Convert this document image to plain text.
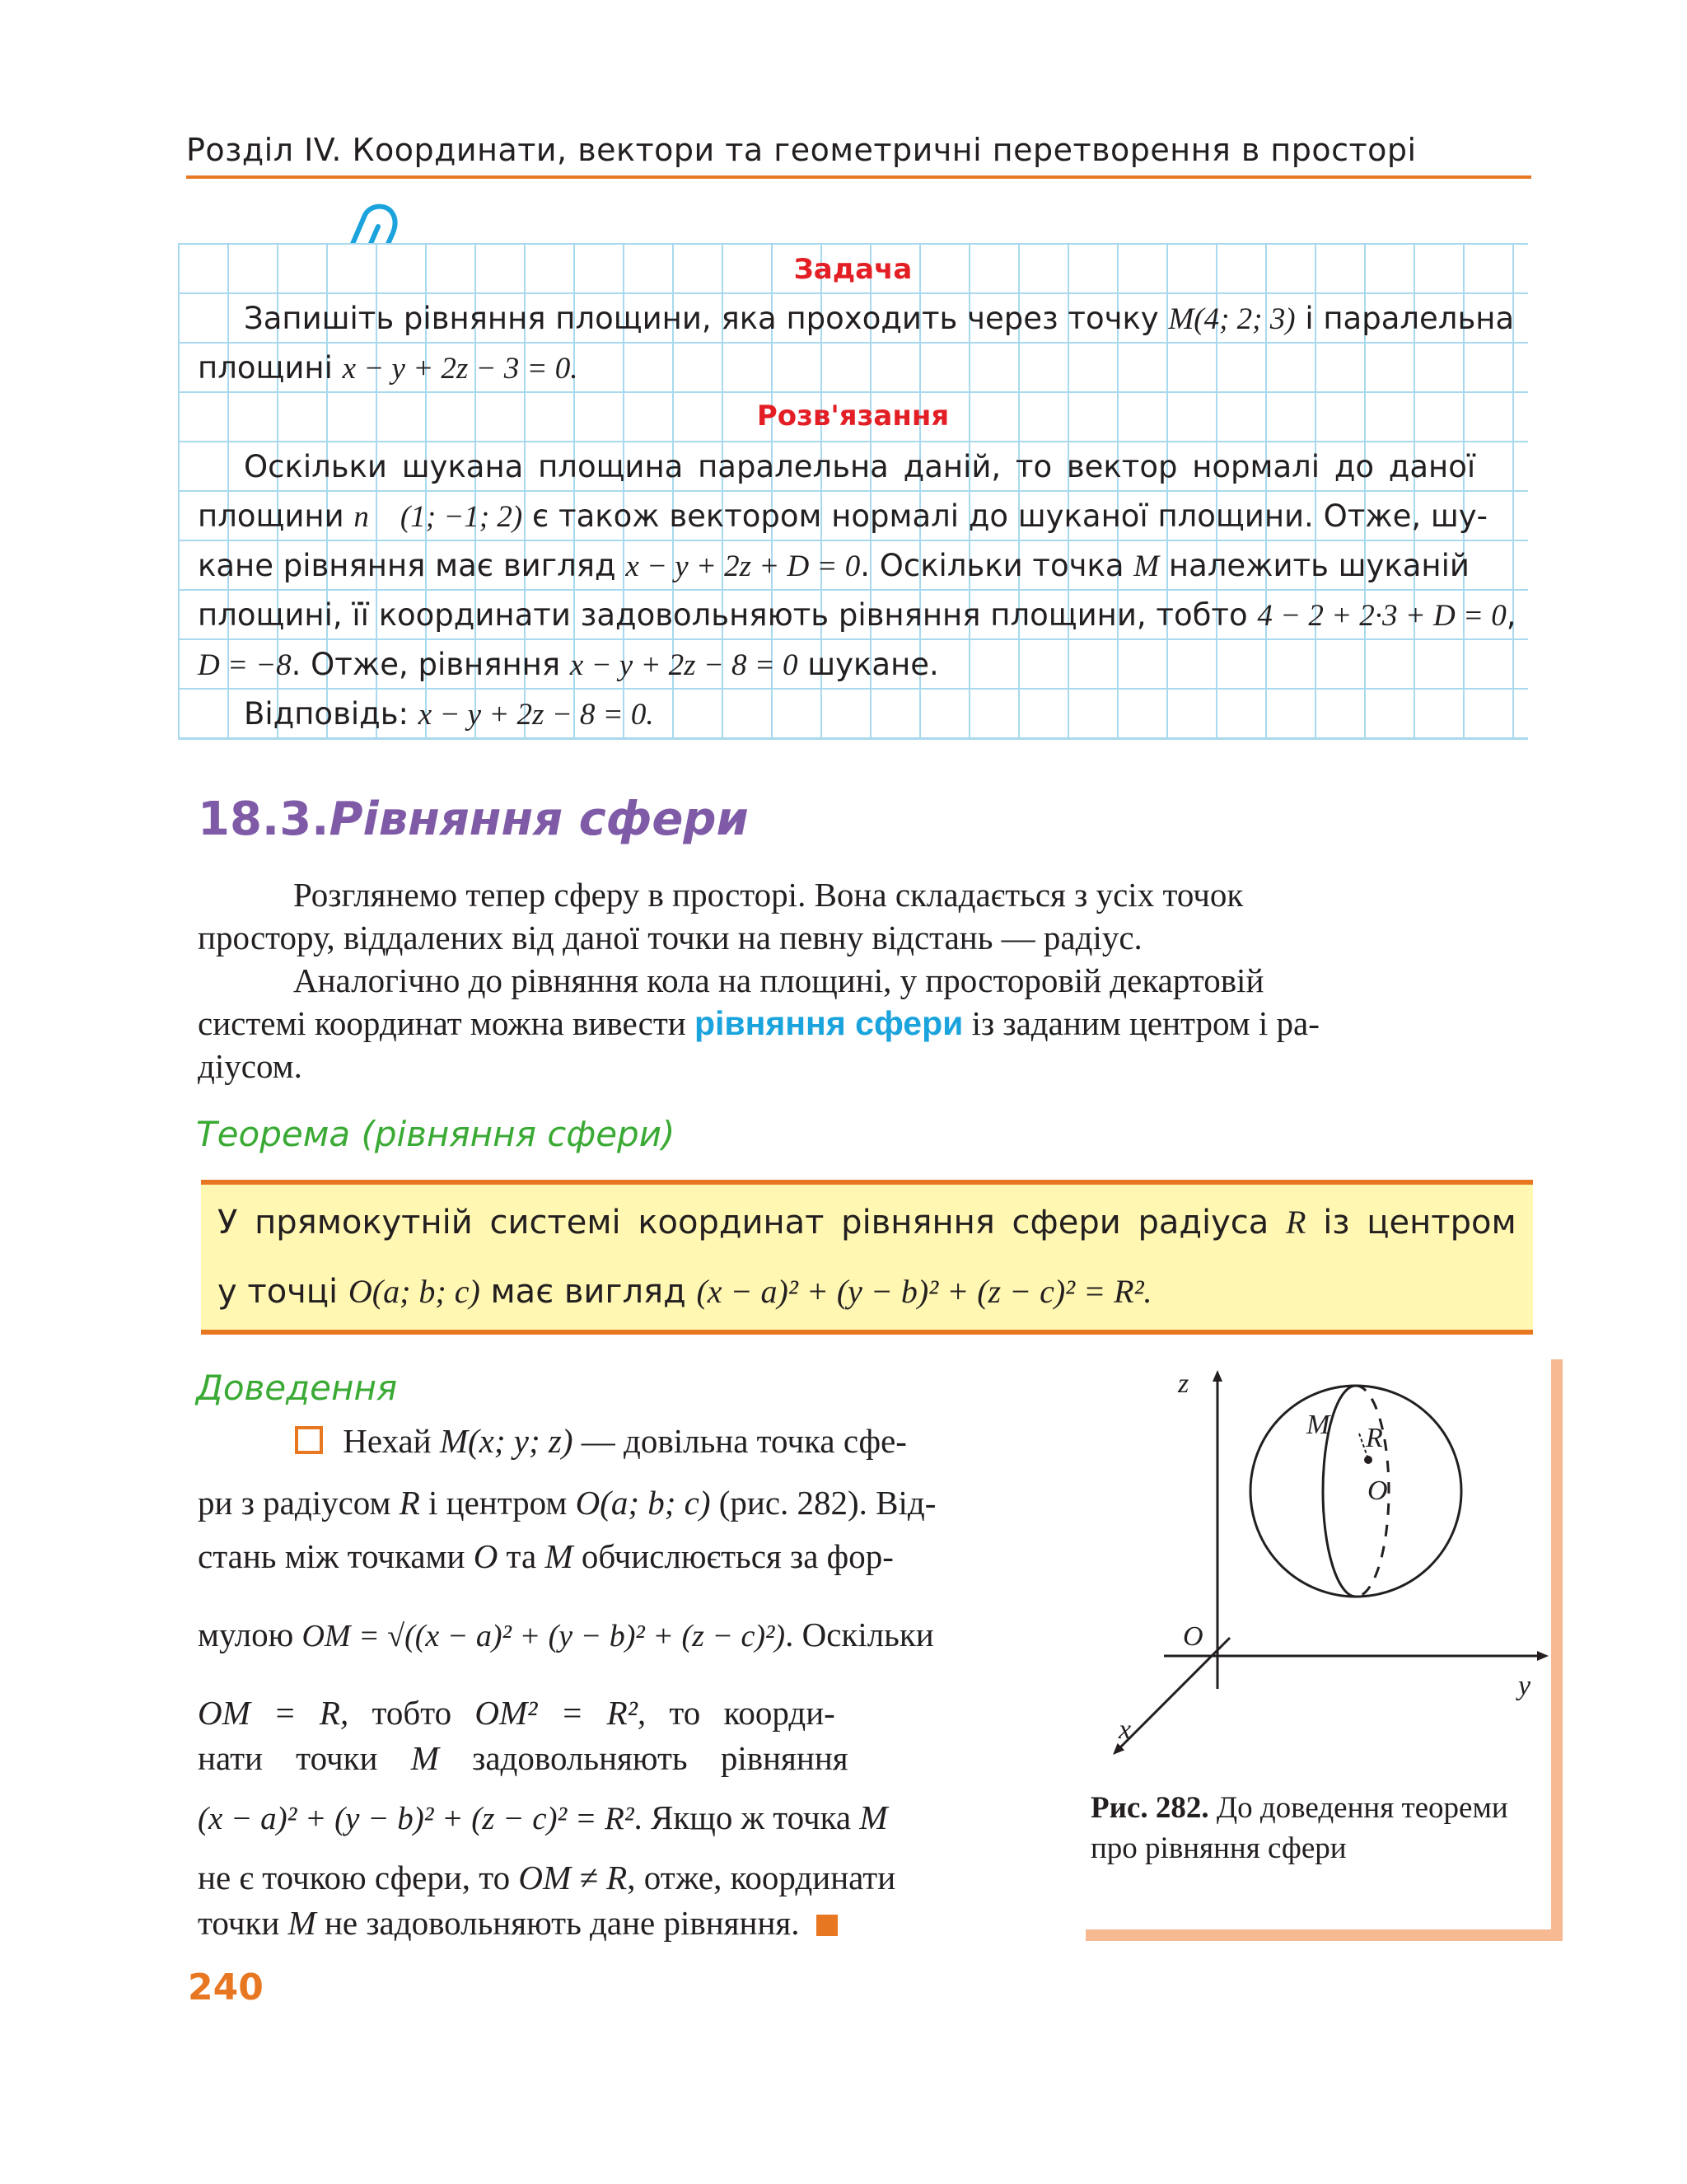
Розділ IV. Координати, вектори та геометричні перетворення в просторі
Задача
Запишіть рівняння площини, яка проходить через точку M(4; 2; 3) і паралельна
площині x − y + 2z − 3 = 0.
Розв'язання
Оскільки шукана площина паралельна даній, то вектор нормалі до даної
площини n⃗ (1; −1; 2) є також вектором нормалі до шуканої площини. Отже, шу-
кане рівняння має вигляд x − y + 2z + D = 0. Оскільки точка M належить шуканій
площині, її координати задовольняють рівняння площини, тобто 4 − 2 + 2·3 + D = 0,
D = −8. Отже, рівняння x − y + 2z − 8 = 0 шукане.
Відповідь: x − y + 2z − 8 = 0.
18.3.Рівняння сфери
Розглянемо тепер сферу в просторі. Вона складається з усіх точок
простору, віддалених від даної точки на певну відстань — радіус.
Аналогічно до рівняння кола на площині, у просторовій декартовій
системі координат можна вивести рівняння сфери із заданим центром і ра-
діусом.
Теорема (рівняння сфери)
У прямокутній системі координат рівняння сфери радіуса R із центром
у точці O(a; b; c) має вигляд (x − a)² + (y − b)² + (z − c)² = R².
Доведення
Нехай M(x; y; z) — довільна точка сфе-
ри з радіусом R і центром O(a; b; c) (рис. 282). Від-
стань між точками O та M обчислюється за фор-
мулою OM = √((x − a)² + (y − b)² + (z − c)²). Оскільки
OM = R, тобто OM² = R², то коорди-
нати точки M задовольняють рівняння
(x − a)² + (y − b)² + (z − c)² = R². Якщо ж точка M
не є точкою сфери, то OM ≠ R, отже, координати
точки M не задовольняють дане рівняння.
z
y
x
O
M R
O
Рис. 282. До доведення теореми про рівняння сфери
240
